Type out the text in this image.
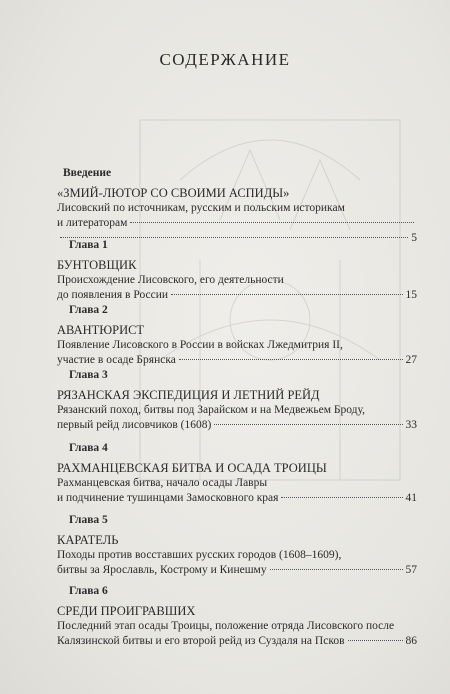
СОДЕРЖАНИЕ
Введение
«ЗМИЙ-ЛЮТОР СО СВОИМИ АСПИДЫ»
Лисовский по источникам, русским и польским историкам
и литераторам
5
Глава 1
БУНТОВЩИК
Происхождение Лисовского, его деятельности
до появления в России	15
Глава 2
АВАНТЮРИСТ
Появление Лисовского в России в войсках Лжедмитрия II,
участие в осаде Брянска	27
Глава 3
РЯЗАНСКАЯ ЭКСПЕДИЦИЯ И ЛЕТНИЙ РЕЙД
Рязанский поход, битвы под Зарайском и на Медвежьем Броду,
первый рейд лисовчиков (1608)	33
Глава 4
РАХМАНЦЕВСКАЯ БИТВА И ОСАДА ТРОИЦЫ
Рахманцевская битва, начало осады Лавры
и подчинение тушинцами Замосковного края	41
Глава 5
КАРАТЕЛЬ
Походы против восставших русских городов (1608–1609),
битвы за Ярославль, Кострому и Кинешму	57
Глава 6
СРЕДИ ПРОИГРАВШИХ
Последний этап осады Троицы, положение отряда Лисовского после
Калязинской битвы и его второй рейд из Суздаля на Псков	86
